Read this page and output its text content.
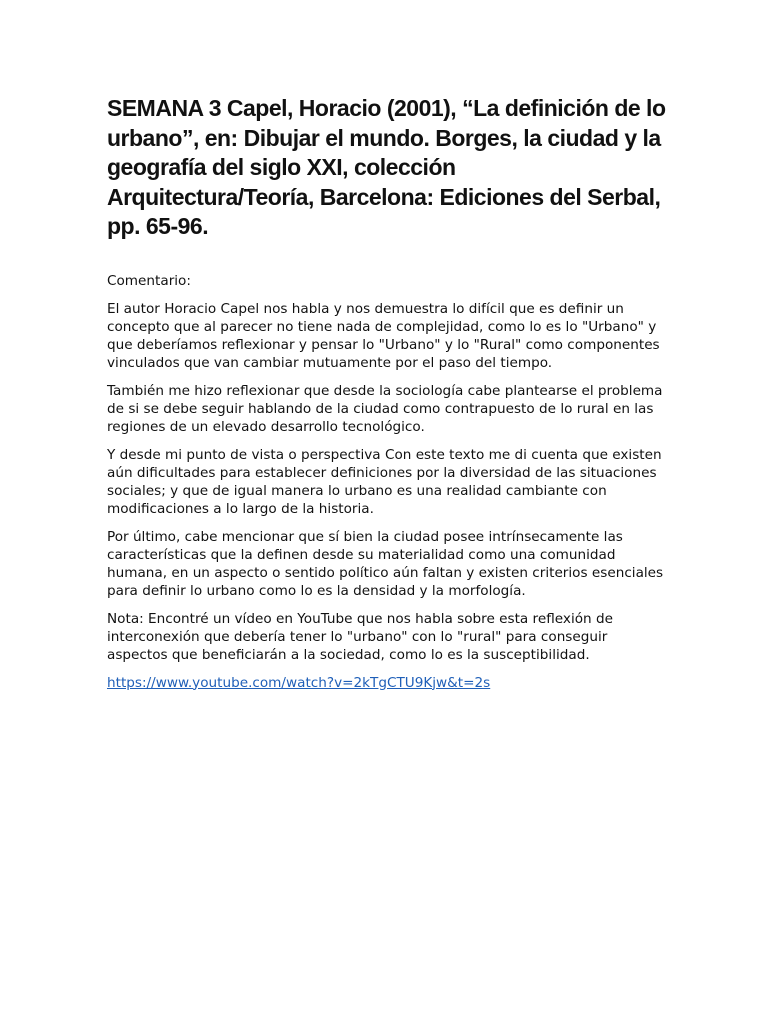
SEMANA 3 Capel, Horacio (2001), “La definición de lo urbano”, en: Dibujar el mundo. Borges, la ciudad y la geografía del siglo XXI, colección Arquitectura/Teoría, Barcelona: Ediciones del Serbal, pp. 65-96.

Comentario:

El autor Horacio Capel nos habla y nos demuestra lo difícil que es definir un concepto que al parecer no tiene nada de complejidad, como lo es lo "Urbano" y que deberíamos reflexionar y pensar lo "Urbano" y lo "Rural" como componentes vinculados que van cambiar mutuamente por el paso del tiempo.

También me hizo reflexionar que desde la sociología cabe plantearse el problema de si se debe seguir hablando de la ciudad como contrapuesto de lo rural en las regiones de un elevado desarrollo tecnológico.

Y desde mi punto de vista o perspectiva Con este texto me di cuenta que existen aún dificultades para establecer definiciones por la diversidad de las situaciones sociales; y que de igual manera lo urbano es una realidad cambiante con modificaciones a lo largo de la historia.

Por último, cabe mencionar que sí bien la ciudad posee intrínsecamente las características que la definen desde su materialidad como una comunidad humana, en un aspecto o sentido político aún faltan y existen criterios esenciales para definir lo urbano como lo es la densidad y la morfología.

Nota: Encontré un vídeo en YouTube que nos habla sobre esta reflexión de interconexión que debería tener lo "urbano" con lo "rural" para conseguir aspectos que beneficiarán a la sociedad, como lo es la susceptibilidad.

https://www.youtube.com/watch?v=2kTgCTU9Kjw&t=2s
